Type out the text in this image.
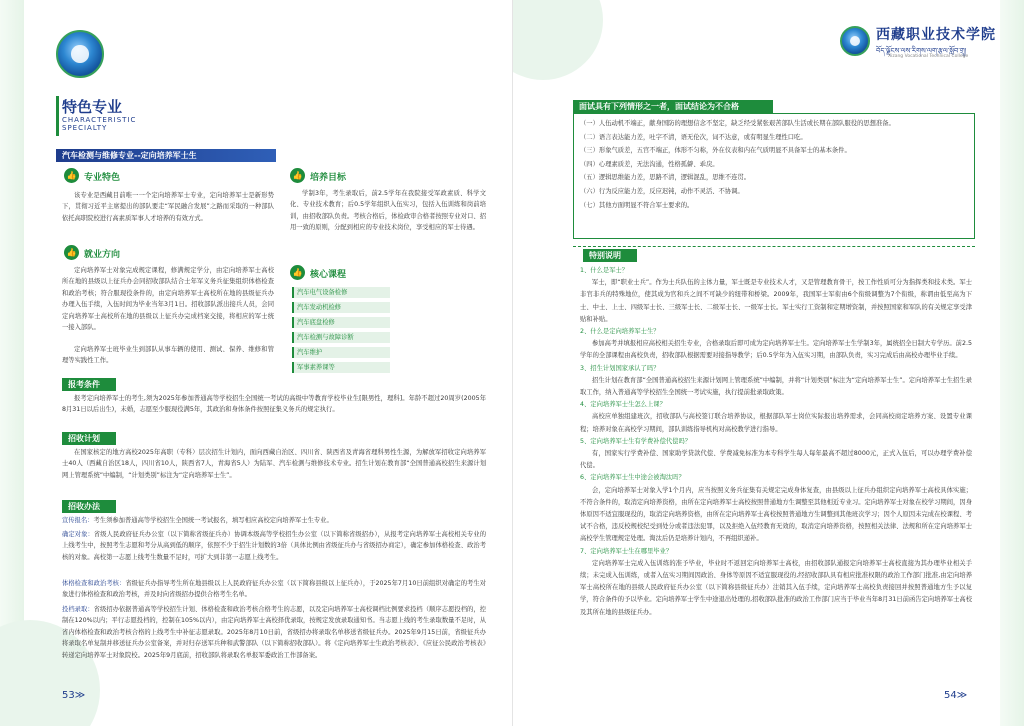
特色专业
CHARACTERISTIC SPECIALTY
汽车检测与维修专业--定向培养军士生
👍 专业特色

该专业是西藏目前唯一一个定向培养军士专业，定向培养军士是新形势下，贯彻习近平主席提出的部队要走“军民融合发展”之路而采取的一种部队依托高职院校进行高素质军事人才培养的有效方式。

👍 就业方向

定向培养军士对象完成规定课程，修满规定学分，由定向培养军士高校所在地的县级以上征兵办会同招收部队结合士年军义务兵征集组织体格检查和政治考核；符合服现役条件的，由定向培养军士高校所在地的县级征兵办办理入伍手续，入伍时间为毕业当年3月1日。招收部队派出接兵人员，会同定向培养军士高校所在地的县级以上征兵办完成档案交接，将相应的军士统一接入部队。

定向培养军士班毕业生到部队从事车辆的使用、测试、保养、维修和管理等实践性工作。

👍 培养目标

学制3年，考生录取后，前2.5学年在我院接受军政素质、科学文化、专业技术教育；后0.5学年组织入伍实习，包括入伍训练和岗前培训，由招收部队负责。考核合格后，体检政审合格者按照专业对口、招用一致的原则，分配到相应的专业技术岗位，享受相应的军士待遇。

👍 核心课程
汽车电气设备检修
汽车发动机检修
汽车底盘检修
汽车检测与故障诊断
汽车维护
军事素养课等
报考条件

报考定向培养军士的考生,须为2025年参加普通高等学校招生全国统一考试的高级中等教育学校毕业生[限男性，理科]。年龄不超过20周岁(2005年8月31日以后出生)，未婚，志愿至少服现役满5年，其政治和身体条件按照征集义务兵的规定执行。

招收计划

在国家核定的地方高校2025年高职（专科）层次招生计划内，面向西藏自治区、四川省、陕西省及青海省理科男性生源，为解放军招收定向培养军士40人（西藏自治区18人，四川省10人，陕西省7人，青海省5人）为陆军、汽车检测与维修技术专业。招生计划在教育部“全国普通高校招生来源计划网上管理系统”中编制，“计划类别”标注为“定向培养军士生”。

招收办法

宣传报名：考生须参加普通高等学校招生全国统一考试报名，填写相应高校定向培养军士生专业。

确定对象：省级人民政府征兵办公室（以下简称省级征兵办）协调本级高等学校招生办公室（以下简称省级招办），从报考定向培养军士高校相关专业的上线考生中，按照考生志愿和考分从高到低的顺序，依照不少于招生计划数的3倍（具体比例由省级征兵办与省级招办商定），确定参加体格检查、政治考核的对象。高校第一志愿上线考生数量不足时，可扩大到非第一志愿上线考生。

体格检查和政治考核：省级征兵办指导考生所在地县级以上人民政府征兵办公室（以下简称县级以上征兵办），于2025年7月10日前组织对确定的考生对象进行体格检查和政治考核，并及时向省级招办提供合格考生名单。

投档录取：省级招办依据普通高等学校招生计划、体格检查和政治考核合格考生的志愿，以及定向培养军士高校调档比例要求投档（顺序志愿投档的，控制在120%以内；平行志愿投档的，控制在105%以内），由定向培养军士高校择优录取，按规定发放录取通知书。当志愿上线的考生录取数量不足时，从省内体格检查和政治考核合格的上线考生中补征志愿录取。2025年8月10日前，省级招办将录取名单移送省级征兵办。2025年9月15日前，省级征兵办将录取名单复制并移送征兵办公室备案，并对归存送军兵种和武警部队（以下简称招收部队）。将《定向培养军士生政治考核表》、《应征公民政治考核表》转递定向培养军士对象院校。2025年9月底前，招收部队将录取名单报军委政治工作部备案。

53≫
西藏职业技术学院
བོད་ལྗོངས་ལས་རིགས་ལག་རྩལ་སློབ་གྲྭ།
Xizang Vocational Technical College
面试具有下列情形之一者，面试结论为不合格

（一）人伍动机不端正，献身国防的理想信念不坚定，缺乏经受紧张艰苦部队生活或长期在部队服役的思想准备。

（二）语言表达能力差，吐字不清，语无伦次，词不达意，或有明显生理性口吃。

（三）形象气质差，五官不端正，体形不匀称，外在仪表和内在气质明显不具备军士的基本条件。

（四）心理素质差，无法沟通，性格孤僻、乖戾。

（五）逻辑思维能力差，思路不清，逻辑混乱，思维不连贯。

（六）行为反应能力差，反应迟钝，动作不灵活、不协调。

（七）其他方面明显不符合军士要求的。

特别说明

1、什么是军士？

军士，即“职业士兵”。作为士兵队伍的主体力量，军士既是专业技术人才，又是管理教育骨干，按工作性质可分为指挥类和技术类。军士非官非兵的特殊地位，使其成为官和兵之间不可缺少的纽带和桥梁。2009年，我国军士军衔由6个衔级调整为7个衔级，称谓由低至高为下士、中士、上士、四级军士长、三级军士长、二级军士长、一级军士长。军士实行工资制和定期增资制，并按照国家和军队的有关规定享受津贴和补贴。

2、什么是定向培养军士生？

参加高考并填报相应高校相关招生专业，合格录取后即可成为定向培养军士生。定向培养军士生学制3年，属统招全日制大专学历。前2.5学年的全部课程由高校负责，招收部队根据需要对接指导教学；后0.5学年为入伍实习期，由部队负责，实习完成后由高校办理毕业手续。

3、招生计划国家承认了吗？

招生计划在教育部“全国普通高校招生来源计划网上管理系统”中编制，并将“计划类别”标注为“定向培养军士生”。定向培养军士生招生录取工作，纳入普通高等学校招生全国统一考试实施，执行提前批录取政策。

4、定向培养军士生怎么上课？

高校应单独组建班次，招收部队与高校签订联合培养协议，根据部队军士岗位实际报出培养需求，会同高校商定培养方案、设置专业课程；培养对象在高校学习期间，部队训练指导机构对高校教学进行指导。

5、定向培养军士生有学费补偿代偿吗？

有，国家实行学费补偿、国家助学贷款代偿、学费减免标准为本专科学生每人每年最高不超过8000元，正式入伍后，可以办理学费补偿代偿。

6、定向培养军士生中途会被淘汰吗？

会，定向培养军士对象入学1个月内，应当按照义务兵征集有关规定完成身体复查，由县级以上征兵办组织定向培养军士高校具体实施；不符合条件的，取消定向培养资格，由所在定向培养军士高校按照普通地方生调整至其他相近专业习。定向培养军士对象在校学习期间，因身体原因不适宜服现役的，取消定向培养资格，由所在定向培养军士高校按照普通地方生调整到其他班次学习；因个人原因未完成在校课程、考试不合格，违反校规校纪受到处分或者违法犯罪，以及拒绝入伍经教育无效的，取消定向培养资格，按照相关法律、法规和所在定向培养军士高校学生管理规定处理。淘汰后仍是培养计划内，不再组织递补。

7、定向培养军士生在哪里毕业？

定向培养军士完成入伍训练的准予毕业，毕业时不返回定向培养军士高校，由招收部队通报定向培养军士高校直接为其办理毕业相关手续；未完成入伍训练，或者入伍实习期间因政治、身体等原因不适宜服现役的,经招收部队具有相应批准权限的政治工作部门批准,由定向培养军士高校所在地的县级人民政府征兵办公室（以下简称县级征兵办）注销其入伍手续，定向培养军士高校负责接回并按照普通地方生予以复学，符合条件的予以毕业。定向培养军士学生中途退出处理的,招收部队批准的政治工作部门应当于毕业当年8月31日前函告定向培养军士高校及其所在地的县级征兵办。

54≫
